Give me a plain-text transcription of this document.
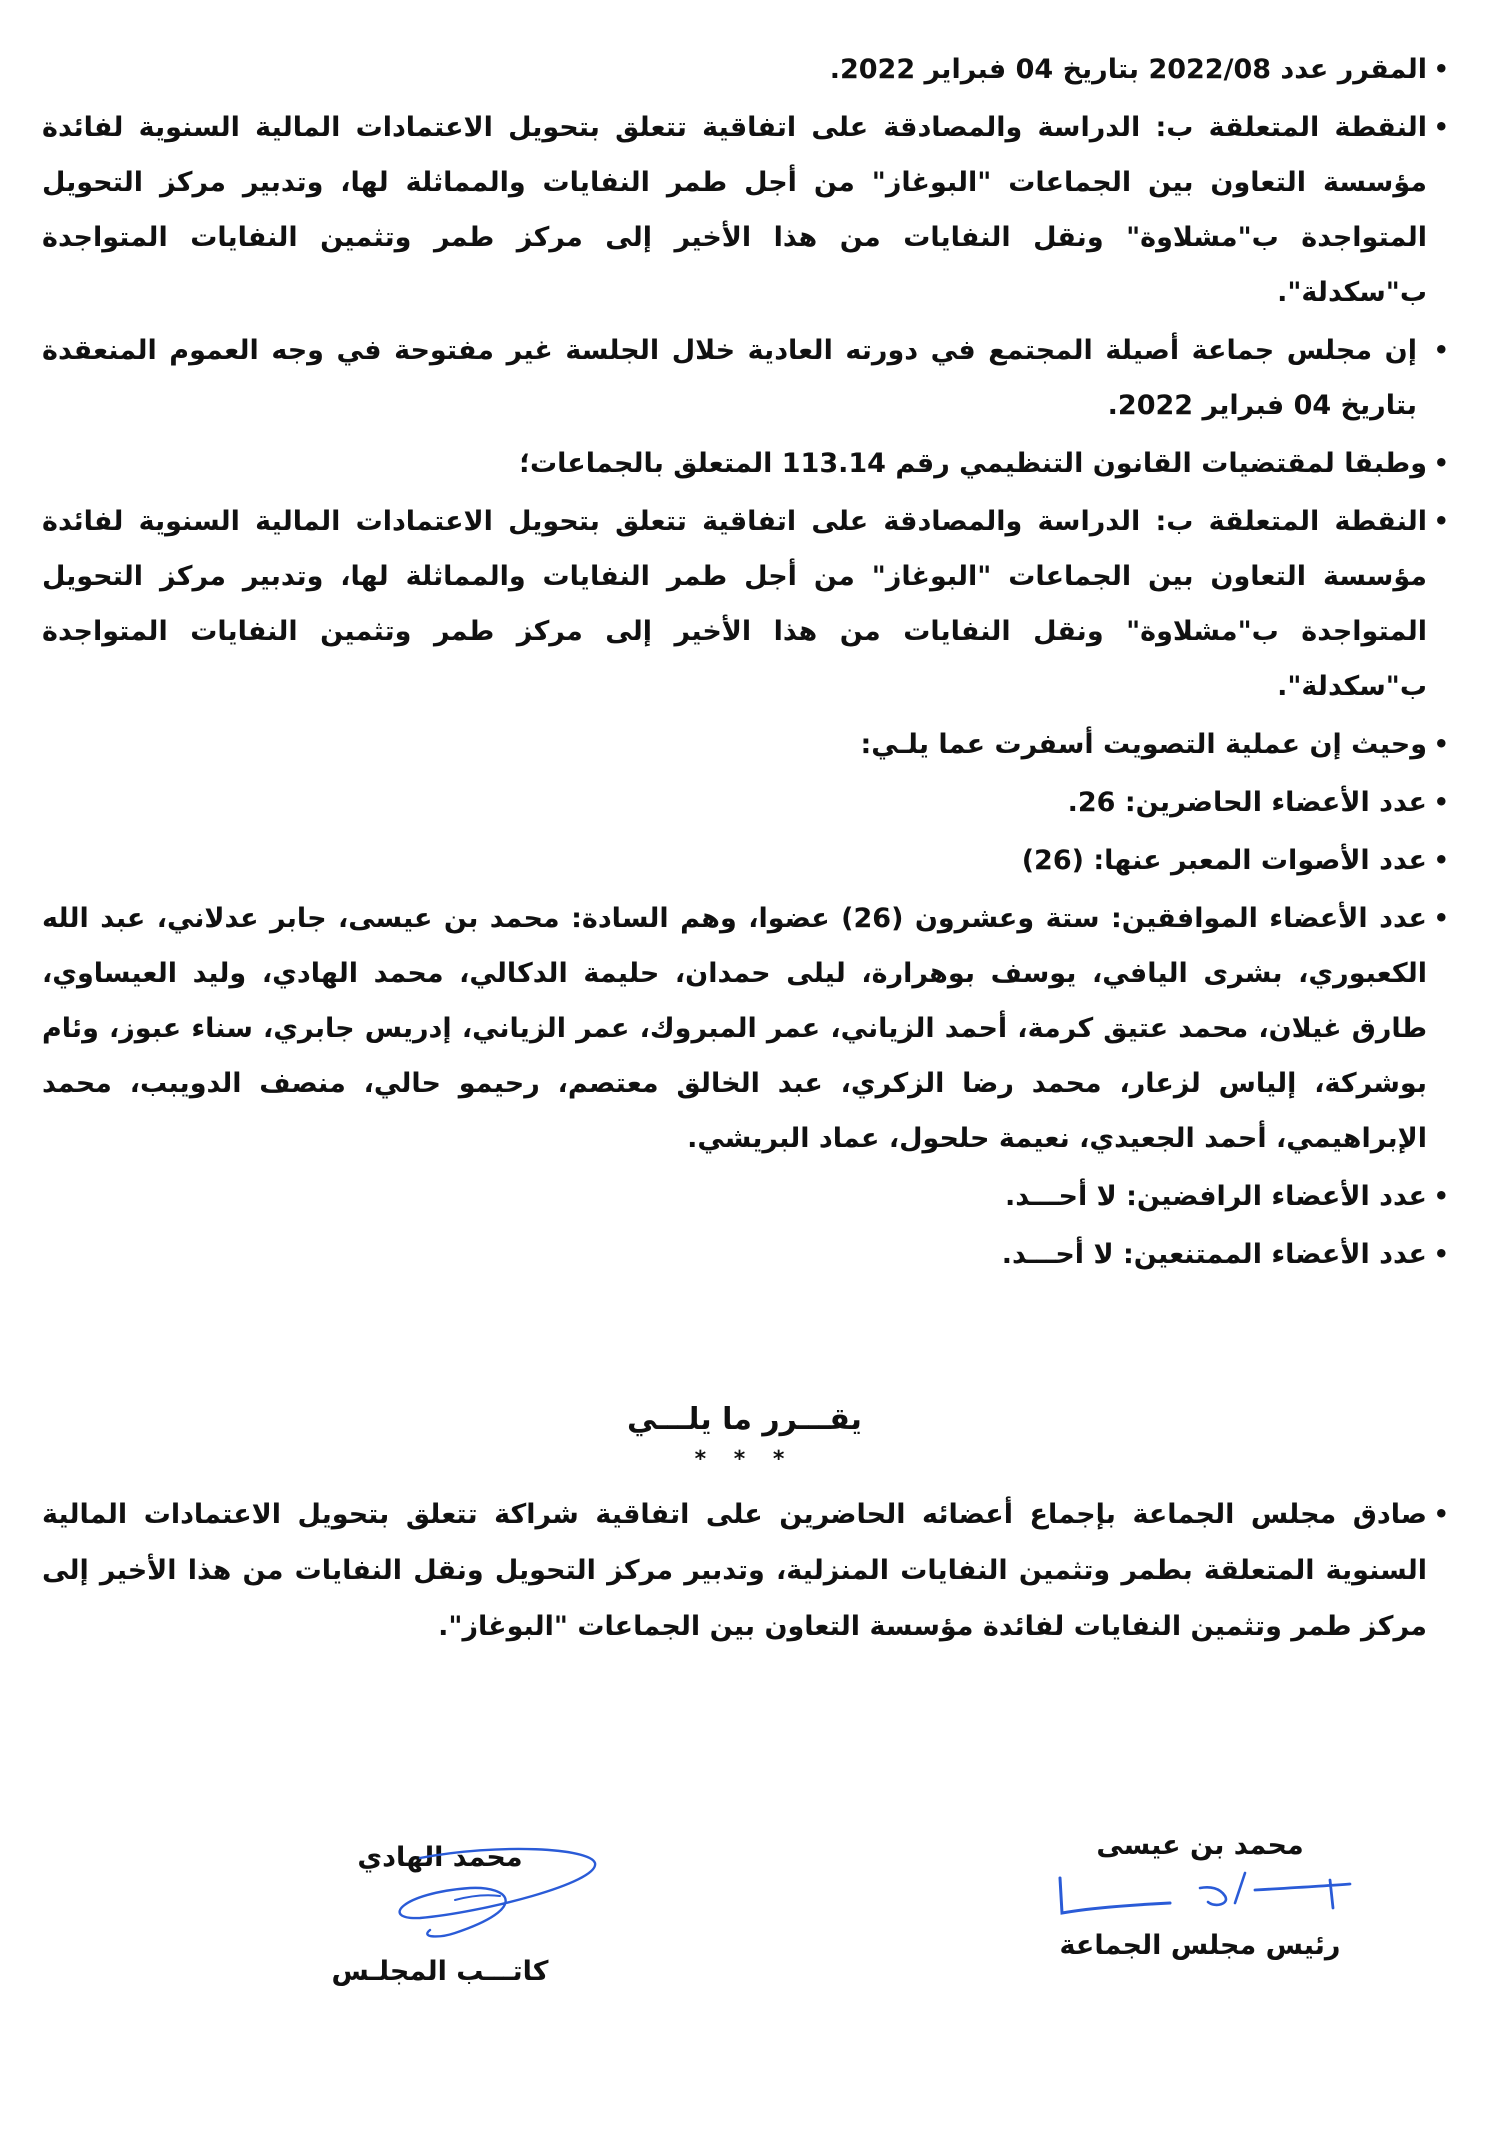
•
المقرر عدد 2022/08 بتاريخ 04 فبراير 2022.

•
النقطة المتعلقة ب: الدراسة والمصادقة على اتفاقية تتعلق بتحويل الاعتمادات المالية السنوية لفائدة مؤسسة التعاون بين الجماعات "البوغاز" من أجل طمر النفايات والمماثلة لها، وتدبير مركز التحويل المتواجدة ب"مشلاوة" ونقل النفايات من هذا الأخير إلى مركز طمر وتثمين النفايات المتواجدة ب"سكدلة".

•
إن مجلس جماعة أصيلة المجتمع في دورته العادية خلال الجلسة غير مفتوحة في وجه العموم المنعقدة بتاريخ 04 فبراير 2022.

•
وطبقا لمقتضيات القانون التنظيمي رقم 113.14 المتعلق بالجماعات؛

•
النقطة المتعلقة ب: الدراسة والمصادقة على اتفاقية تتعلق بتحويل الاعتمادات المالية السنوية لفائدة مؤسسة التعاون بين الجماعات "البوغاز" من أجل طمر النفايات والمماثلة لها، وتدبير مركز التحويل المتواجدة ب"مشلاوة" ونقل النفايات من هذا الأخير إلى مركز طمر وتثمين النفايات المتواجدة ب"سكدلة".

•
وحيث إن عملية التصويت أسفرت عما يلـي:

•
عدد الأعضاء الحاضرين: 26.

•
عدد الأصوات المعبر عنها: (26)

•
عدد الأعضاء الموافقين: ستة وعشرون (26) عضوا، وهم السادة: محمد بن عيسى، جابر عدلاني، عبد الله الكعبوري، بشرى اليافي، يوسف بوهرارة، ليلى حمدان، حليمة الدكالي، محمد الهادي، وليد العيساوي، طارق غيلان، محمد عتيق كرمة، أحمد الزياني، عمر المبروك، عمر الزياني، إدريس جابري، سناء عبوز، وئام بوشركة، إلياس لزعار، محمد رضا الزكري، عبد الخالق معتصم، رحيمو حالي، منصف الدويبب، محمد الإبراهيمي، أحمد الجعيدي، نعيمة حلحول، عماد البريشي.

•
عدد الأعضاء الرافضين: لا أحـــد.

•
عدد الأعضاء الممتنعين: لا أحـــد.

يقـــرر ما يلـــي

* * *

•
صادق مجلس الجماعة بإجماع أعضائه الحاضرين على اتفاقية شراكة تتعلق بتحويل الاعتمادات المالية السنوية المتعلقة بطمر وتثمين النفايات المنزلية، وتدبير مركز التحويل ونقل النفايات من هذا الأخير إلى مركز طمر وتثمين النفايات لفائدة مؤسسة التعاون بين الجماعات "البوغاز".

محمد الهادي
كاتـــب المجلـس
محمد بن عيسى
رئيس مجلس الجماعة
